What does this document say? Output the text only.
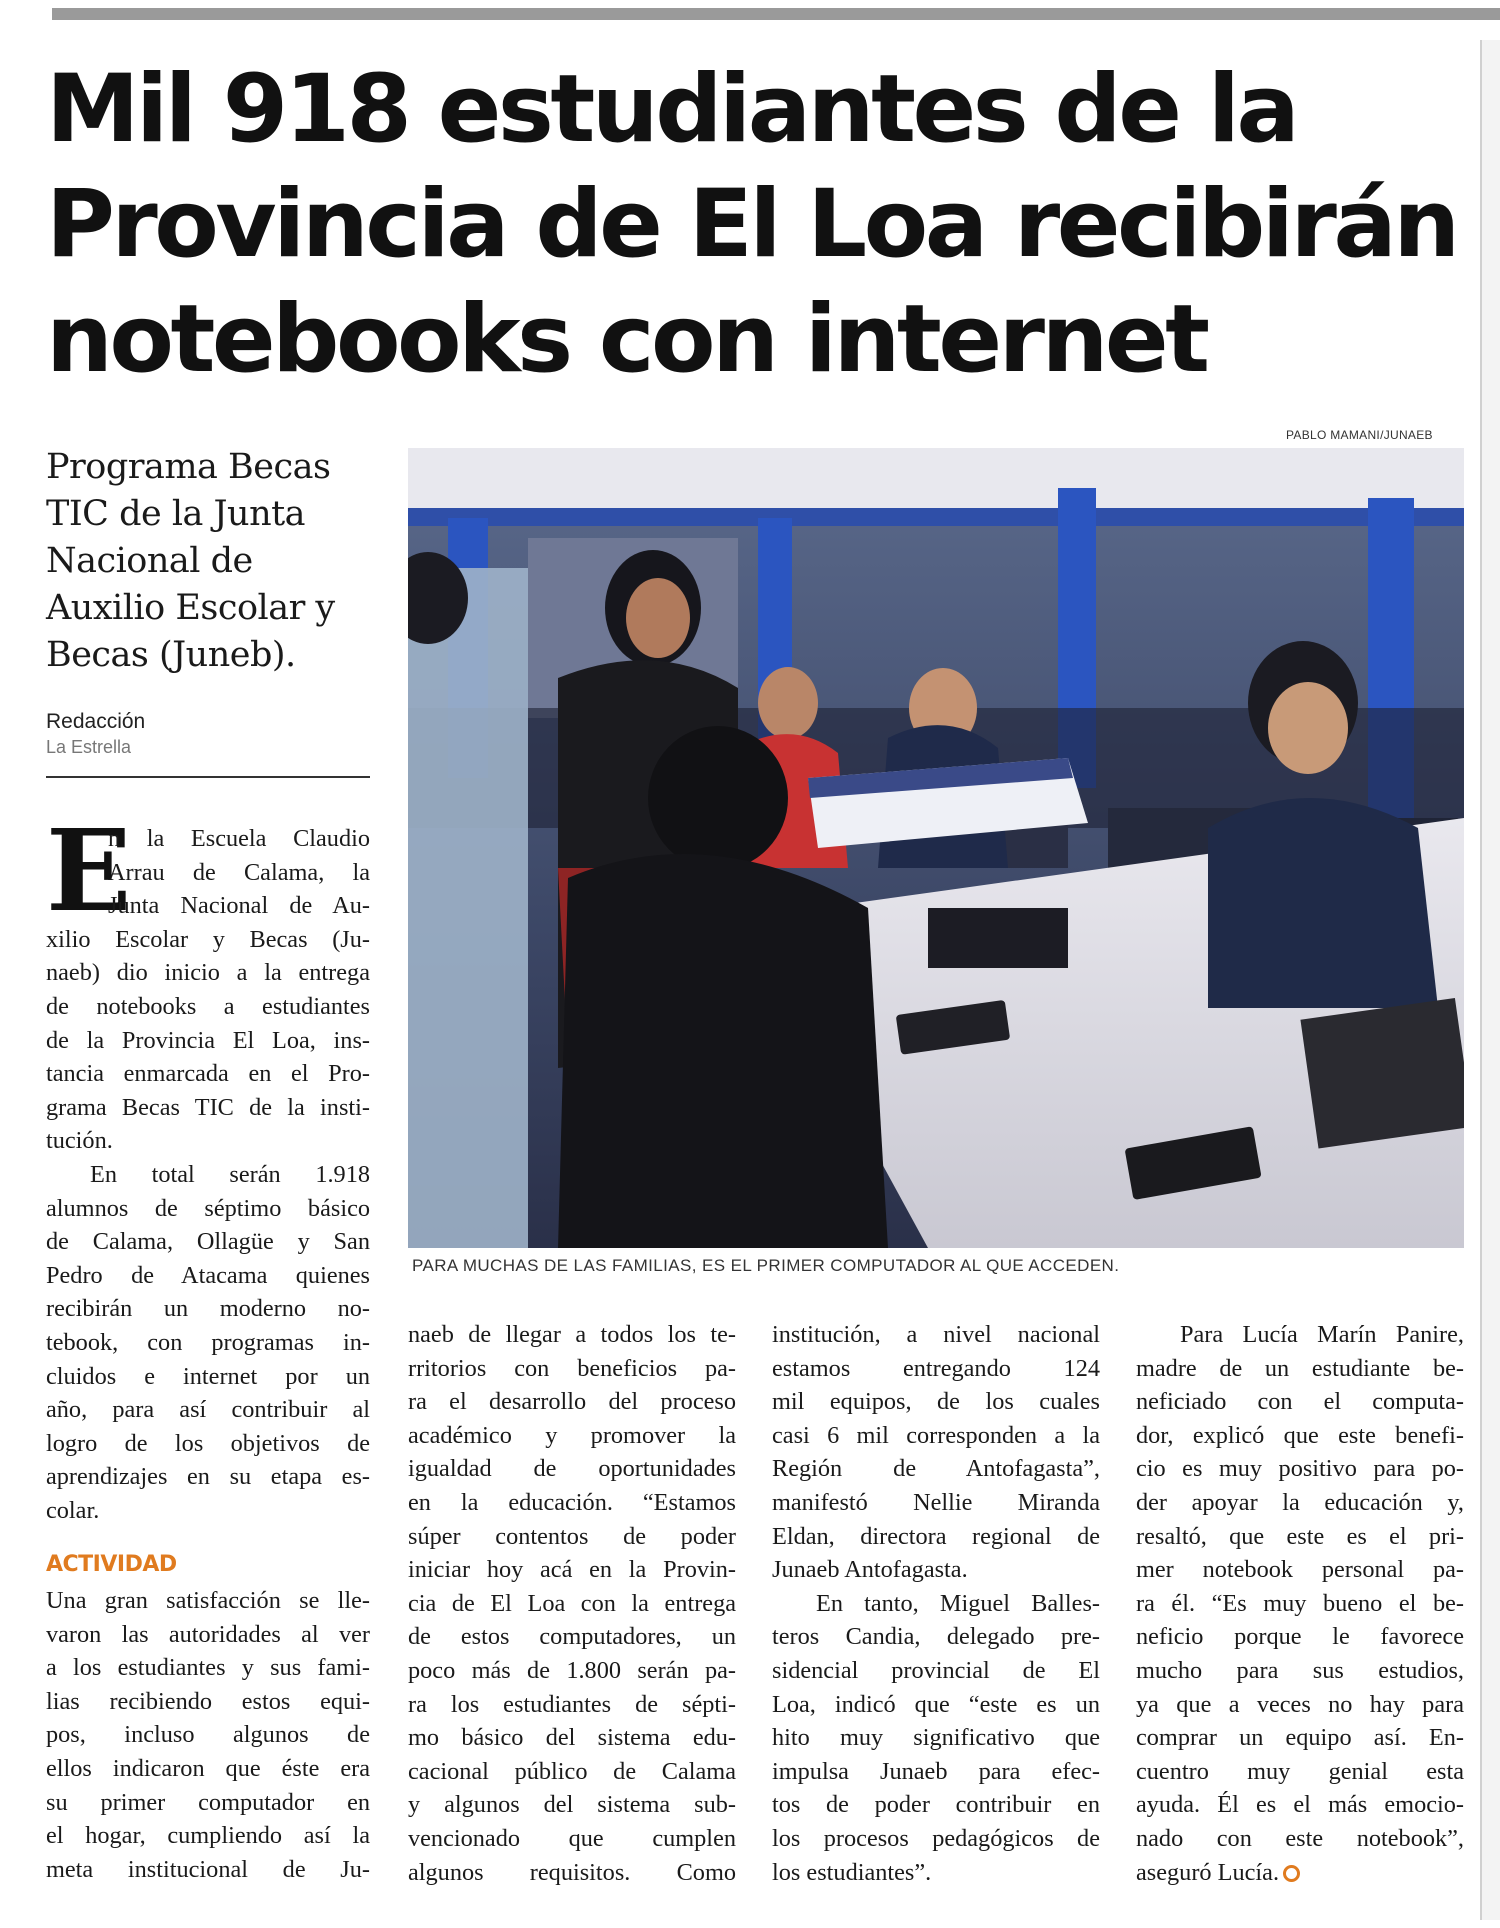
Mil 918 estudiantes de la
Provincia de El Loa recibirán
notebooks con internet
Programa Becas
TIC de la Junta
Nacional de
Auxilio Escolar y
Becas (Juneb).
Redacción
La Estrella
PABLO MAMANI/JUNAEB
PARA MUCHAS DE LAS FAMILIAS, ES EL PRIMER COMPUTADOR AL QUE ACCEDEN.
E
n la Escuela Claudio
Arrau de Calama, la
Junta Nacional de Au-
xilio Escolar y Becas (Ju-
naeb) dio inicio a la entrega
de notebooks a estudiantes
de la Provincia El Loa, ins-
tancia enmarcada en el Pro-
grama Becas TIC de la insti-
tución.
En total serán 1.918
alumnos de séptimo básico
de Calama, Ollagüe y San
Pedro de Atacama quienes
recibirán un moderno no-
tebook, con programas in-
cluidos e internet por un
año, para así contribuir al
logro de los objetivos de
aprendizajes en su etapa es-
colar.
ACTIVIDAD
Una gran satisfacción se lle-
varon las autoridades al ver
a los estudiantes y sus fami-
lias recibiendo estos equi-
pos, incluso algunos de
ellos indicaron que éste era
su primer computador en
el hogar, cumpliendo así la
meta institucional de Ju-
naeb de llegar a todos los te-
rritorios con beneficios pa-
ra el desarrollo del proceso
académico y promover la
igualdad de oportunidades
en la educación. “Estamos
súper contentos de poder
iniciar hoy acá en la Provin-
cia de El Loa con la entrega
de estos computadores, un
poco más de 1.800 serán pa-
ra los estudiantes de sépti-
mo básico del sistema edu-
cacional público de Calama
y algunos del sistema sub-
vencionado que cumplen
algunos requisitos. Como
institución, a nivel nacional
estamos entregando 124
mil equipos, de los cuales
casi 6 mil corresponden a la
Región de Antofagasta”,
manifestó Nellie Miranda
Eldan, directora regional de
Junaeb Antofagasta.
En tanto, Miguel Balles-
teros Candia, delegado pre-
sidencial provincial de El
Loa, indicó que “este es un
hito muy significativo que
impulsa Junaeb para efec-
tos de poder contribuir en
los procesos pedagógicos de
los estudiantes”.
Para Lucía Marín Panire,
madre de un estudiante be-
neficiado con el computa-
dor, explicó que este benefi-
cio es muy positivo para po-
der apoyar la educación y,
resaltó, que este es el pri-
mer notebook personal pa-
ra él. “Es muy bueno el be-
neficio porque le favorece
mucho para sus estudios,
ya que a veces no hay para
comprar un equipo así. En-
cuentro muy genial esta
ayuda. Él es el más emocio-
nado con este notebook”,
aseguró Lucía.
